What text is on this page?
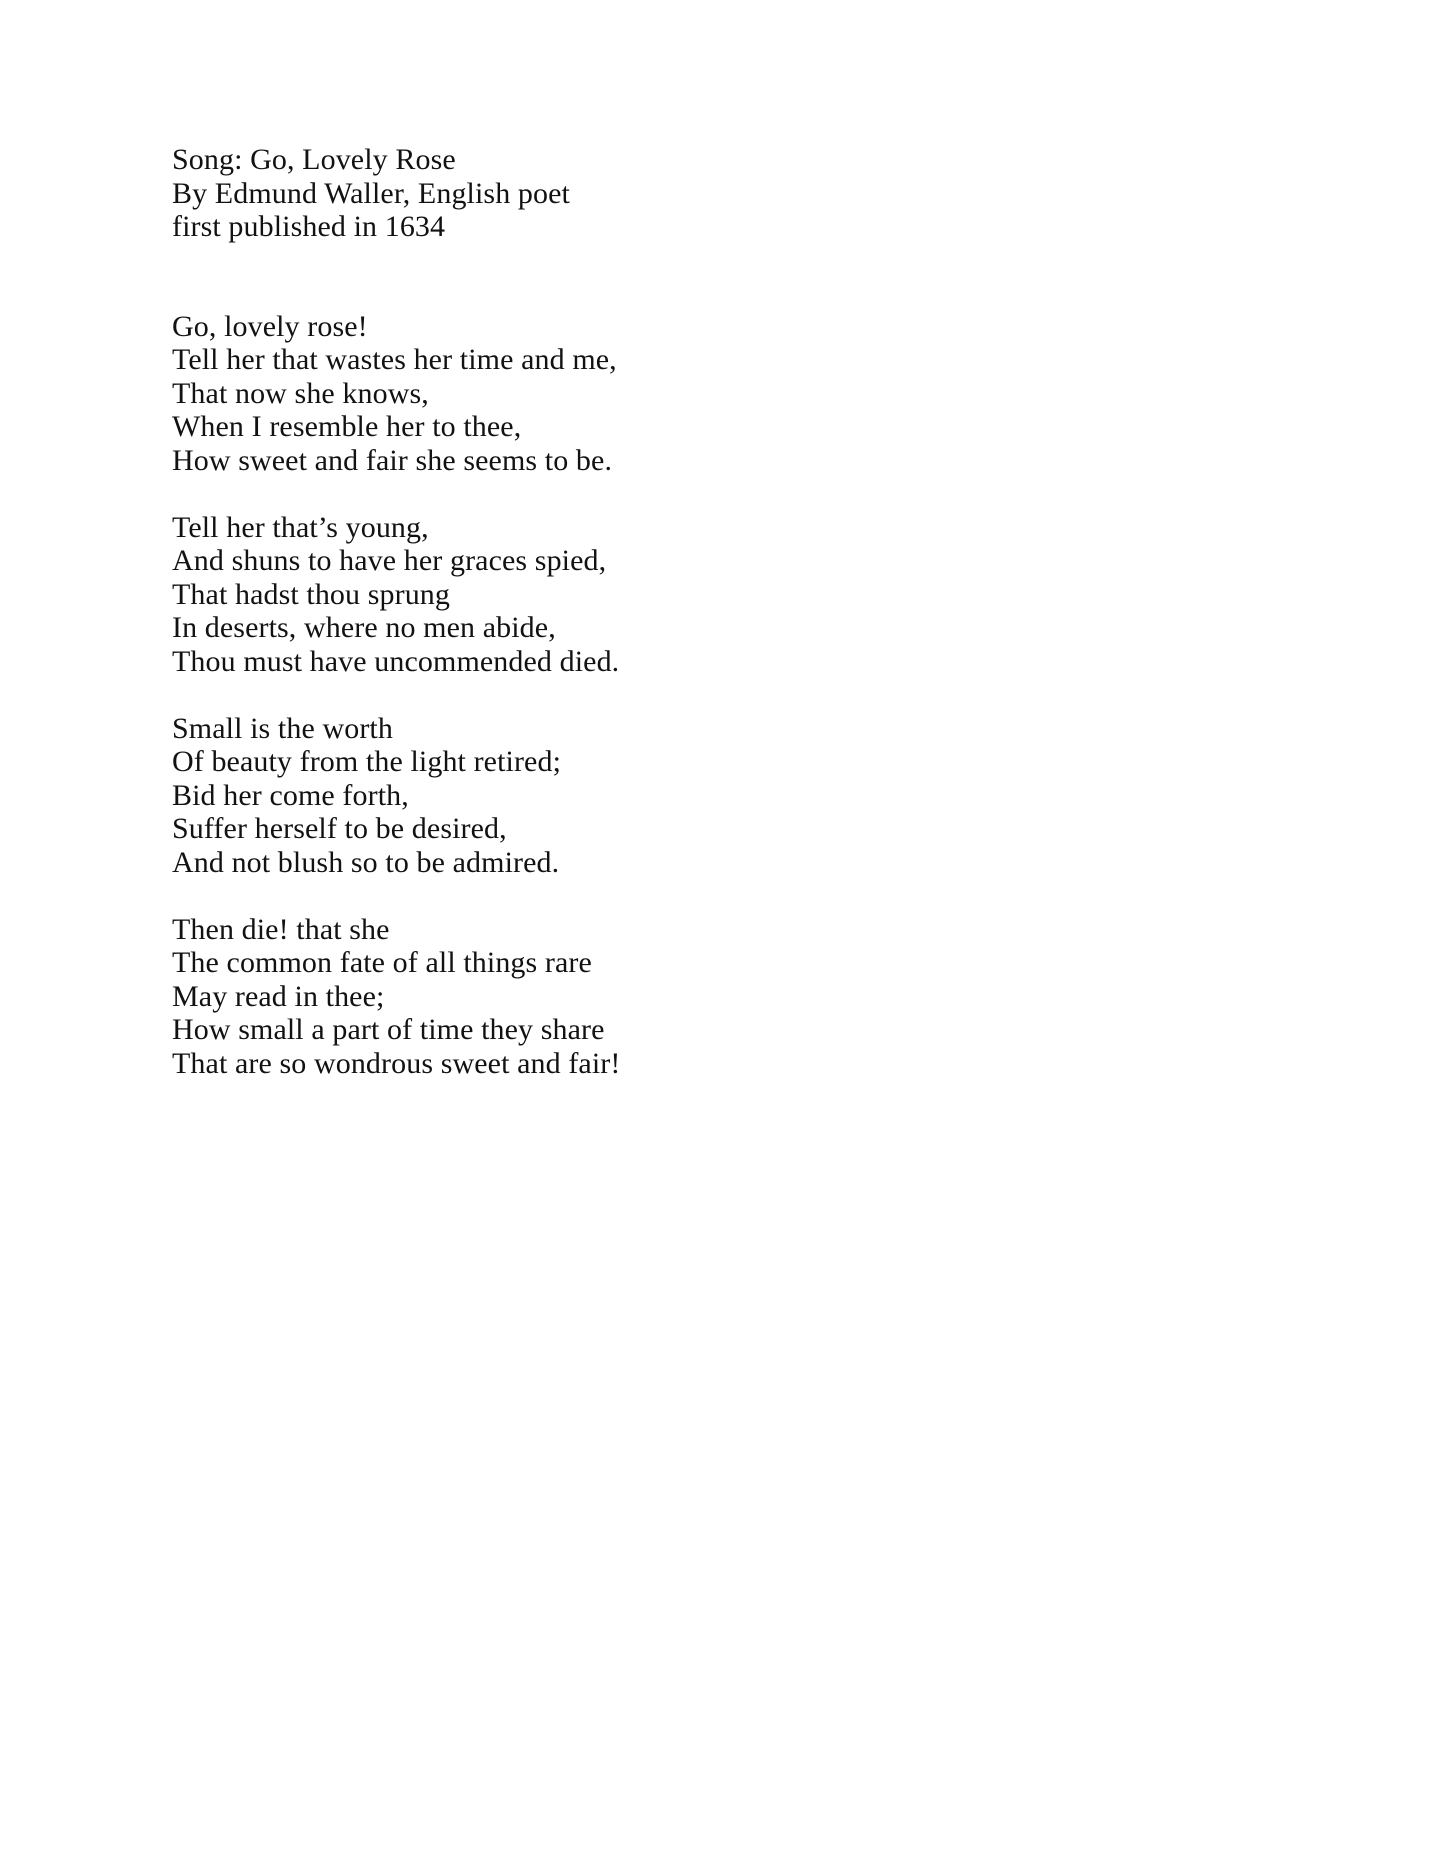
Song: Go, Lovely Rose
By Edmund Waller, English poet
first published in 1634
Go, lovely rose!
Tell her that wastes her time and me,
That now she knows,
When I resemble her to thee,
How sweet and fair she seems to be.
Tell her that’s young,
And shuns to have her graces spied,
That hadst thou sprung
In deserts, where no men abide,
Thou must have uncommended died.
Small is the worth
Of beauty from the light retired;
Bid her come forth,
Suffer herself to be desired,
And not blush so to be admired.
Then die! that she
The common fate of all things rare
May read in thee;
How small a part of time they share
That are so wondrous sweet and fair!
